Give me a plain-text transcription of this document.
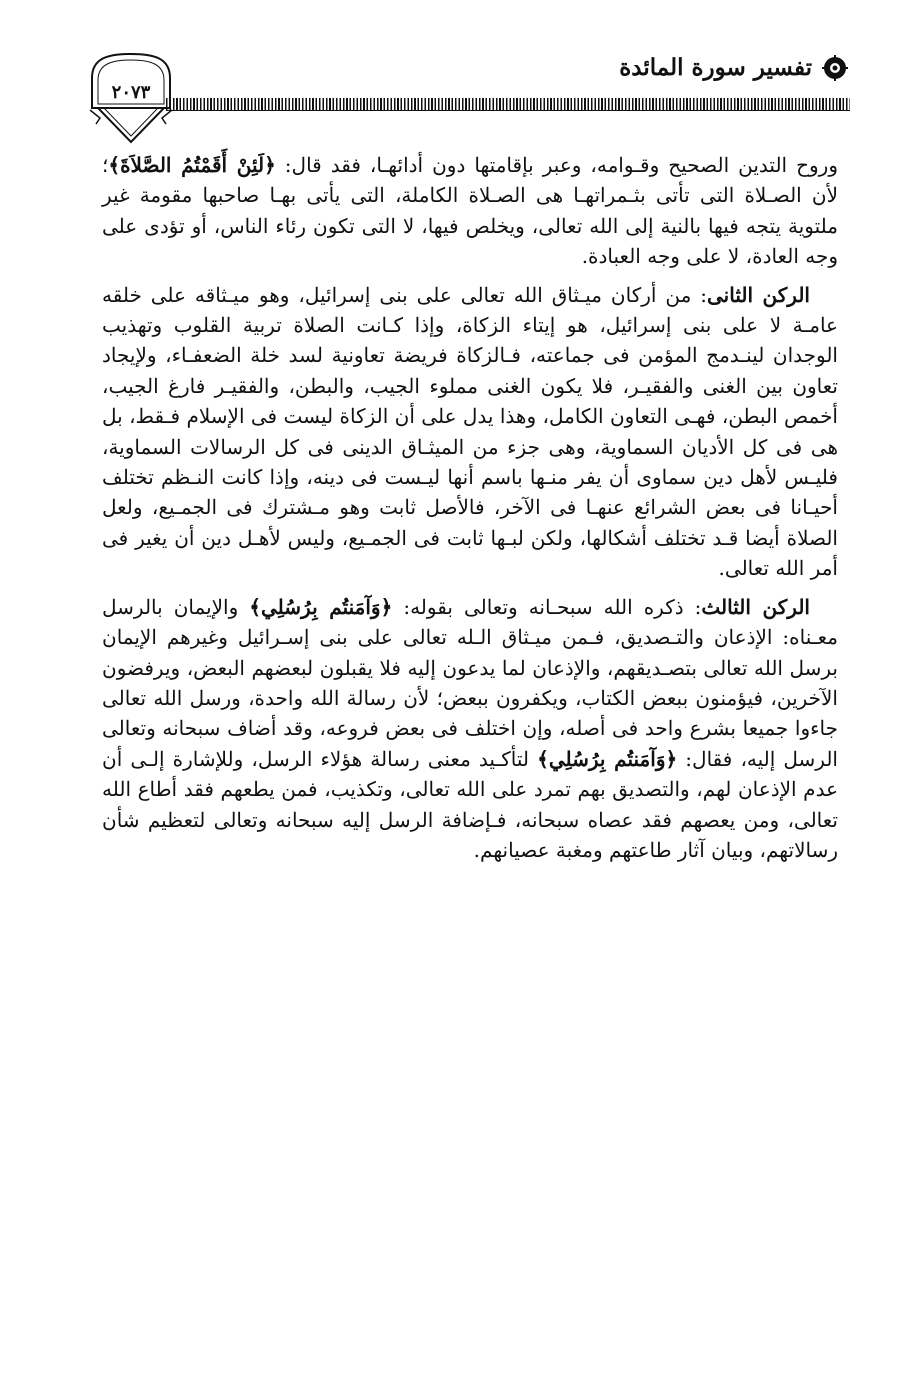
٢٠٧٣
تفسير سورة المائدة

وروح التدين الصحيح وقـوامه، وعبر بإقامتها دون أدائهـا، فقد قال: ﴿لَئِنْ أَقَمْتُمُ الصَّلاَةَ﴾؛ لأن الصـلاة التى تأتى بثـمراتهـا هى الصـلاة الكاملة، التى يأتى بهـا صاحبها مقومة غير ملتوية يتجه فيها بالنية إلى الله تعالى، ويخلص فيها، لا التى تكون رئاء الناس، أو تؤدى على وجه العادة، لا على وجه العبادة.

الركن الثانى: من أركان ميـثاق الله تعالى على بنى إسرائيل، وهو ميـثاقه على خلقه عامـة لا على بنى إسرائيل، هو إيتاء الزكاة، وإذا كـانت الصلاة تربية القلوب وتهذيب الوجدان لينـدمج المؤمن فى جماعته، فـالزكاة فريضة تعاونية لسد خلة الضعفـاء، ولإيجاد تعاون بين الغنى والفقيـر، فلا يكون الغنى مملوء الجيب، والبطن، والفقيـر فارغ الجيب، أخمص البطن، فهـى التعاون الكامل، وهذا يدل على أن الزكاة ليست فى الإسلام فـقط، بل هى فى كل الأديان السماوية، وهى جزء من الميثـاق الدينى فى كل الرسالات السماوية، فليـس لأهل دين سماوى أن يفر منـها باسم أنها ليـست فى دينه، وإذا كانت النـظم تختلف أحيـانا فى بعض الشرائع عنهـا فى الآخر، فالأصل ثابت وهو مـشترك فى الجمـيع، ولعل الصلاة أيضا قـد تختلف أشكالها، ولكن لبـها ثابت فى الجمـيع، وليس لأهـل دين أن يغير فى أمر الله تعالى.

الركن الثالث: ذكره الله سبحـانه وتعالى بقوله: ﴿وَآمَنتُم بِرُسُلِي﴾ والإيمان بالرسل معـناه: الإذعان والتـصديق، فـمن ميـثاق الـله تعالى على بنى إسـرائيل وغيرهم الإيمان برسل الله تعالى بتصـديقهم، والإذعان لما يدعون إليه فلا يقبلون لبعضهم البعض، ويرفضون الآخرين، فيؤمنون ببعض الكتاب، ويكفرون ببعض؛ لأن رسالة الله واحدة، ورسل الله تعالى جاءوا جميعا بشرع واحد فى أصله، وإن اختلف فى بعض فروعه، وقد أضاف سبحانه وتعالى الرسل إليه، فقال: ﴿وَآمَنتُم بِرُسُلِي﴾ لتأكـيد معنى رسالة هؤلاء الرسل، وللإشارة إلـى أن عدم الإذعان لهم، والتصديق بهم تمرد على الله تعالى، وتكذيب، فمن يطعهم فقد أطاع الله تعالى، ومن يعصهم فقد عصاه سبحانه، فـإضافة الرسل إليه سبحانه وتعالى لتعظيم شأن رسالاتهم، وبيان آثار طاعتهم ومغبة عصيانهم.
